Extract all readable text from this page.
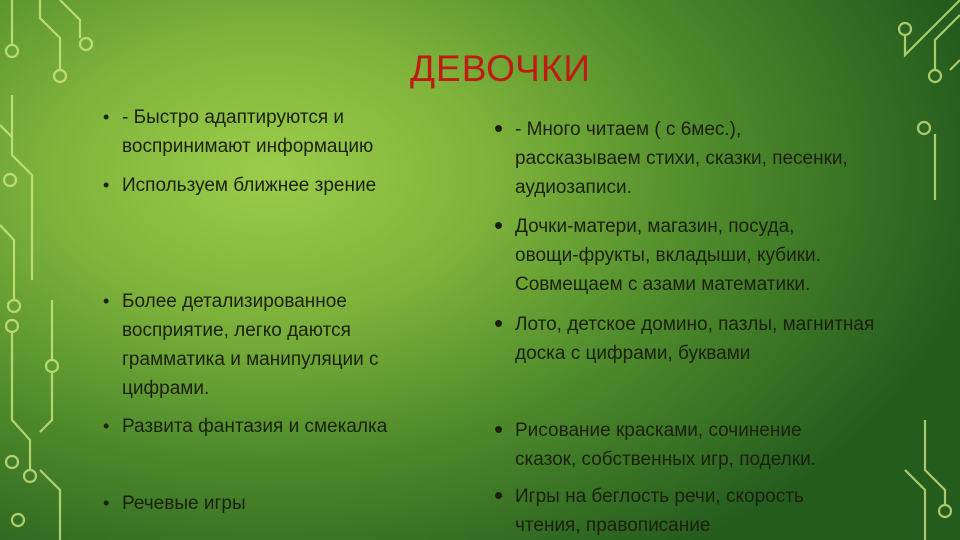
ДЕВОЧКИ
• - Быстро адаптируются и воспринимают информацию
• Используем ближнее зрение
• Более детализированное восприятие, легко даются грамматика и манипуляции с цифрами.
• Развита фантазия и смекалка
• Речевые игры
• - Много читаем ( с 6мес.), рассказываем стихи, сказки, песенки, аудиозаписи.
• Дочки-матери, магазин, посуда, овощи-фрукты, вкладыши, кубики. Совмещаем с азами математики.
• Лото, детское домино, пазлы, магнитная доска с цифрами, буквами
• Рисование красками, сочинение сказок, собственных игр, поделки.
• Игры на беглость речи, скорость чтения, правописание
